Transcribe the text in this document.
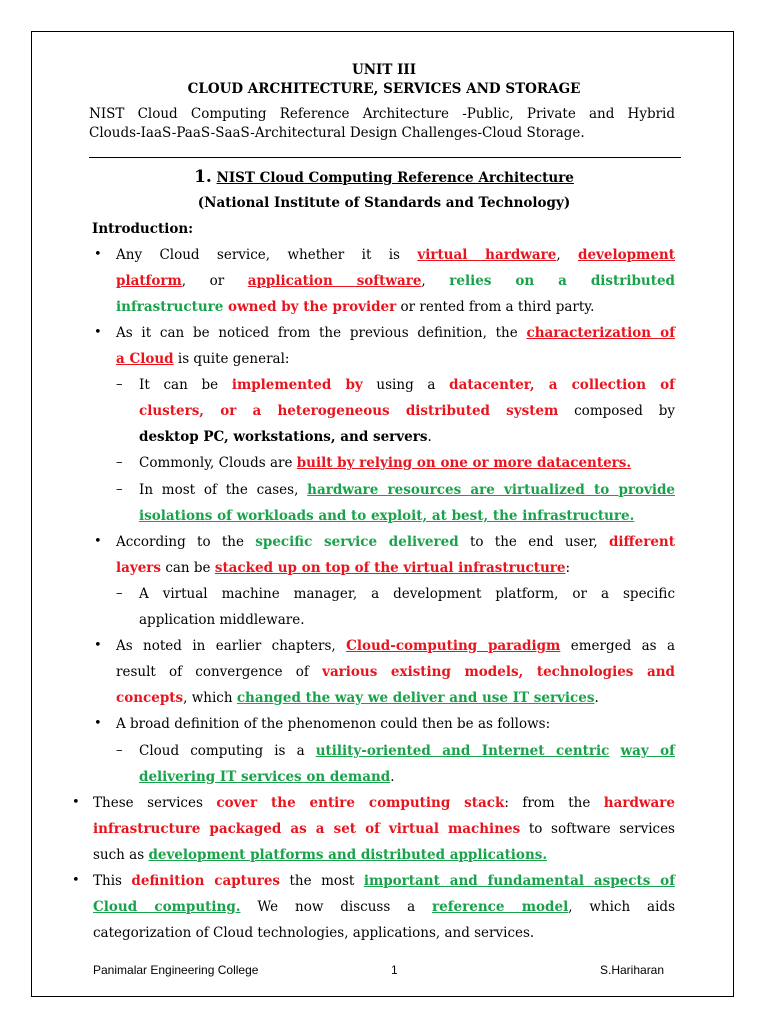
UNIT III
CLOUD ARCHITECTURE, SERVICES AND STORAGE
NIST Cloud Computing Reference Architecture -Public, Private and Hybrid
Clouds-IaaS-PaaS-SaaS-Architectural Design Challenges-Cloud Storage.
1. NIST Cloud Computing Reference Architecture
(National Institute of Standards and Technology)
Introduction:
• Any Cloud service, whether it is virtual hardware, development
platform, or application software, relies on a distributed
infrastructure owned by the provider or rented from a third party.
• As it can be noticed from the previous definition, the characterization of
a Cloud is quite general:
– It can be implemented by using a datacenter, a collection of
clusters, or a heterogeneous distributed system composed by
desktop PC, workstations, and servers.
– Commonly, Clouds are built by relying on one or more datacenters.
– In most of the cases, hardware resources are virtualized to provide
isolations of workloads and to exploit, at best, the infrastructure.
• According to the specific service delivered to the end user, different
layers can be stacked up on top of the virtual infrastructure:
– A virtual machine manager, a development platform, or a specific
application middleware.
• As noted in earlier chapters, Cloud-computing paradigm emerged as a
result of convergence of various existing models, technologies and
concepts, which changed the way we deliver and use IT services.
• A broad definition of the phenomenon could then be as follows:
– Cloud computing is a utility-oriented and Internet centric way of
delivering IT services on demand.
• These services cover the entire computing stack: from the hardware
infrastructure packaged as a set of virtual machines to software services
such as development platforms and distributed applications.
• This definition captures the most important and fundamental aspects of
Cloud computing. We now discuss a reference model, which aids
categorization of Cloud technologies, applications, and services.
Panimalar Engineering College	1	S.Hariharan
